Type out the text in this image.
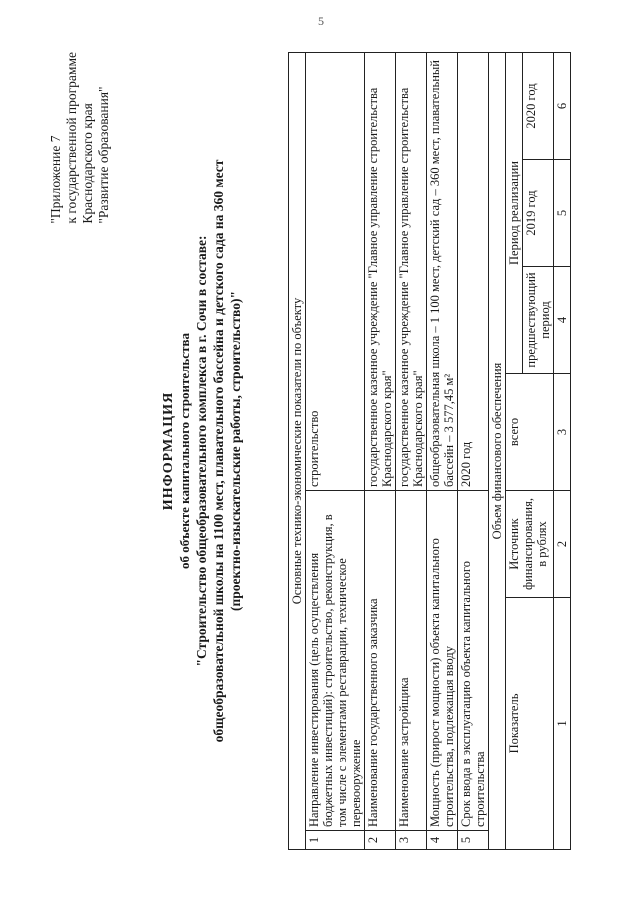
5
"Приложение 7 к государственной программе Краснодарского края "Развитие образования"
ИНФОРМАЦИЯ об объекте капитального строительства "Строительство общеобразовательного комплекса в г. Сочи в составе: общеобразовательной школы на 1100 мест, плавательного бассейна и детского сада на 360 мест (проектно-изыскательские работы, строительство)"	Основные технико-экономические показатели по объекту						
1	Направление инвестирования (цель осуществления бюджетных инвестиций): строительство, реконструкция, в том числе с элементами реставрации, техническое перевооружение		строительство			
2	Наименование государственного заказчика		государственное казенное учреждение "Главное управление строительства Краснодарского края"			
3	Наименование застройщика		государственное казенное учреждение "Главное управление строительства Краснодарского края"			
4	Мощность (прирост мощности) объекта капитального строительства, подлежащая вводу		общеобразовательная школа – 1 100 мест, детский сад – 360 мест, плавательный бассейн – 3 577,45 м²			
5	Срок ввода в эксплуатацию объекта капитального строительства		2020 год			
Объем финансового обеспечения						
Показатель		Источник финансирования, в рублях	всего	Период реализации		
				предшествующий период	2019 год	2020 год
1		2	3	4	5	6
